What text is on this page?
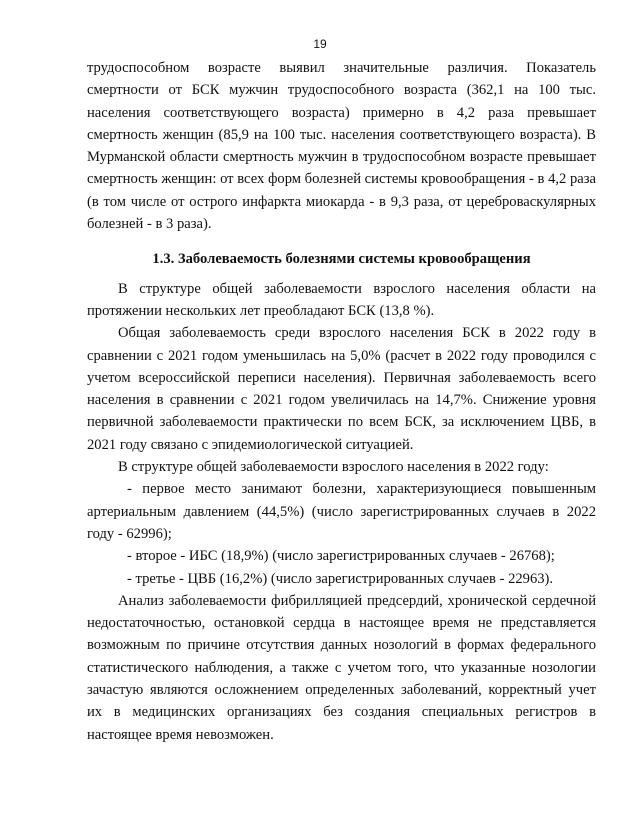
19

трудоспособном возрасте выявил значительные различия. Показатель смертности от БСК мужчин трудоспособного возраста (362,1 на 100 тыс. населения соответствующего возраста) примерно в 4,2 раза превышает смертность женщин (85,9 на 100 тыс. населения соответствующего возраста). В Мурманской области смертность мужчин в трудоспособном возрасте превышает смертность женщин: от всех форм болезней системы кровообращения - в 4,2 раза (в том числе от острого инфаркта миокарда - в 9,3 раза, от цереброваскулярных болезней - в 3 раза).

1.3. Заболеваемость болезнями системы кровообращения

В структуре общей заболеваемости взрослого населения области на протяжении нескольких лет преобладают БСК (13,8 %).

Общая заболеваемость среди взрослого населения БСК в 2022 году в сравнении с 2021 годом уменьшилась на 5,0% (расчет в 2022 году проводился с учетом всероссийской переписи населения). Первичная заболеваемость всего населения в сравнении с 2021 годом увеличилась на 14,7%. Снижение уровня первичной заболеваемости практически по всем БСК, за исключением ЦВБ, в 2021 году связано с эпидемиологической ситуацией.

В структуре общей заболеваемости взрослого населения в 2022 году:

- первое место занимают болезни, характеризующиеся повышенным артериальным давлением (44,5%) (число зарегистрированных случаев в 2022 году - 62996);

- второе - ИБС (18,9%) (число зарегистрированных случаев - 26768);

- третье - ЦВБ (16,2%) (число зарегистрированных случаев - 22963).

Анализ заболеваемости фибрилляцией предсердий, хронической сердечной недостаточностью, остановкой сердца в настоящее время не представляется возможным по причине отсутствия данных нозологий в формах федерального статистического наблюдения, а также с учетом того, что указанные нозологии зачастую являются осложнением определенных заболеваний, корректный учет их в медицинских организациях без создания специальных регистров в настоящее время невозможен.
